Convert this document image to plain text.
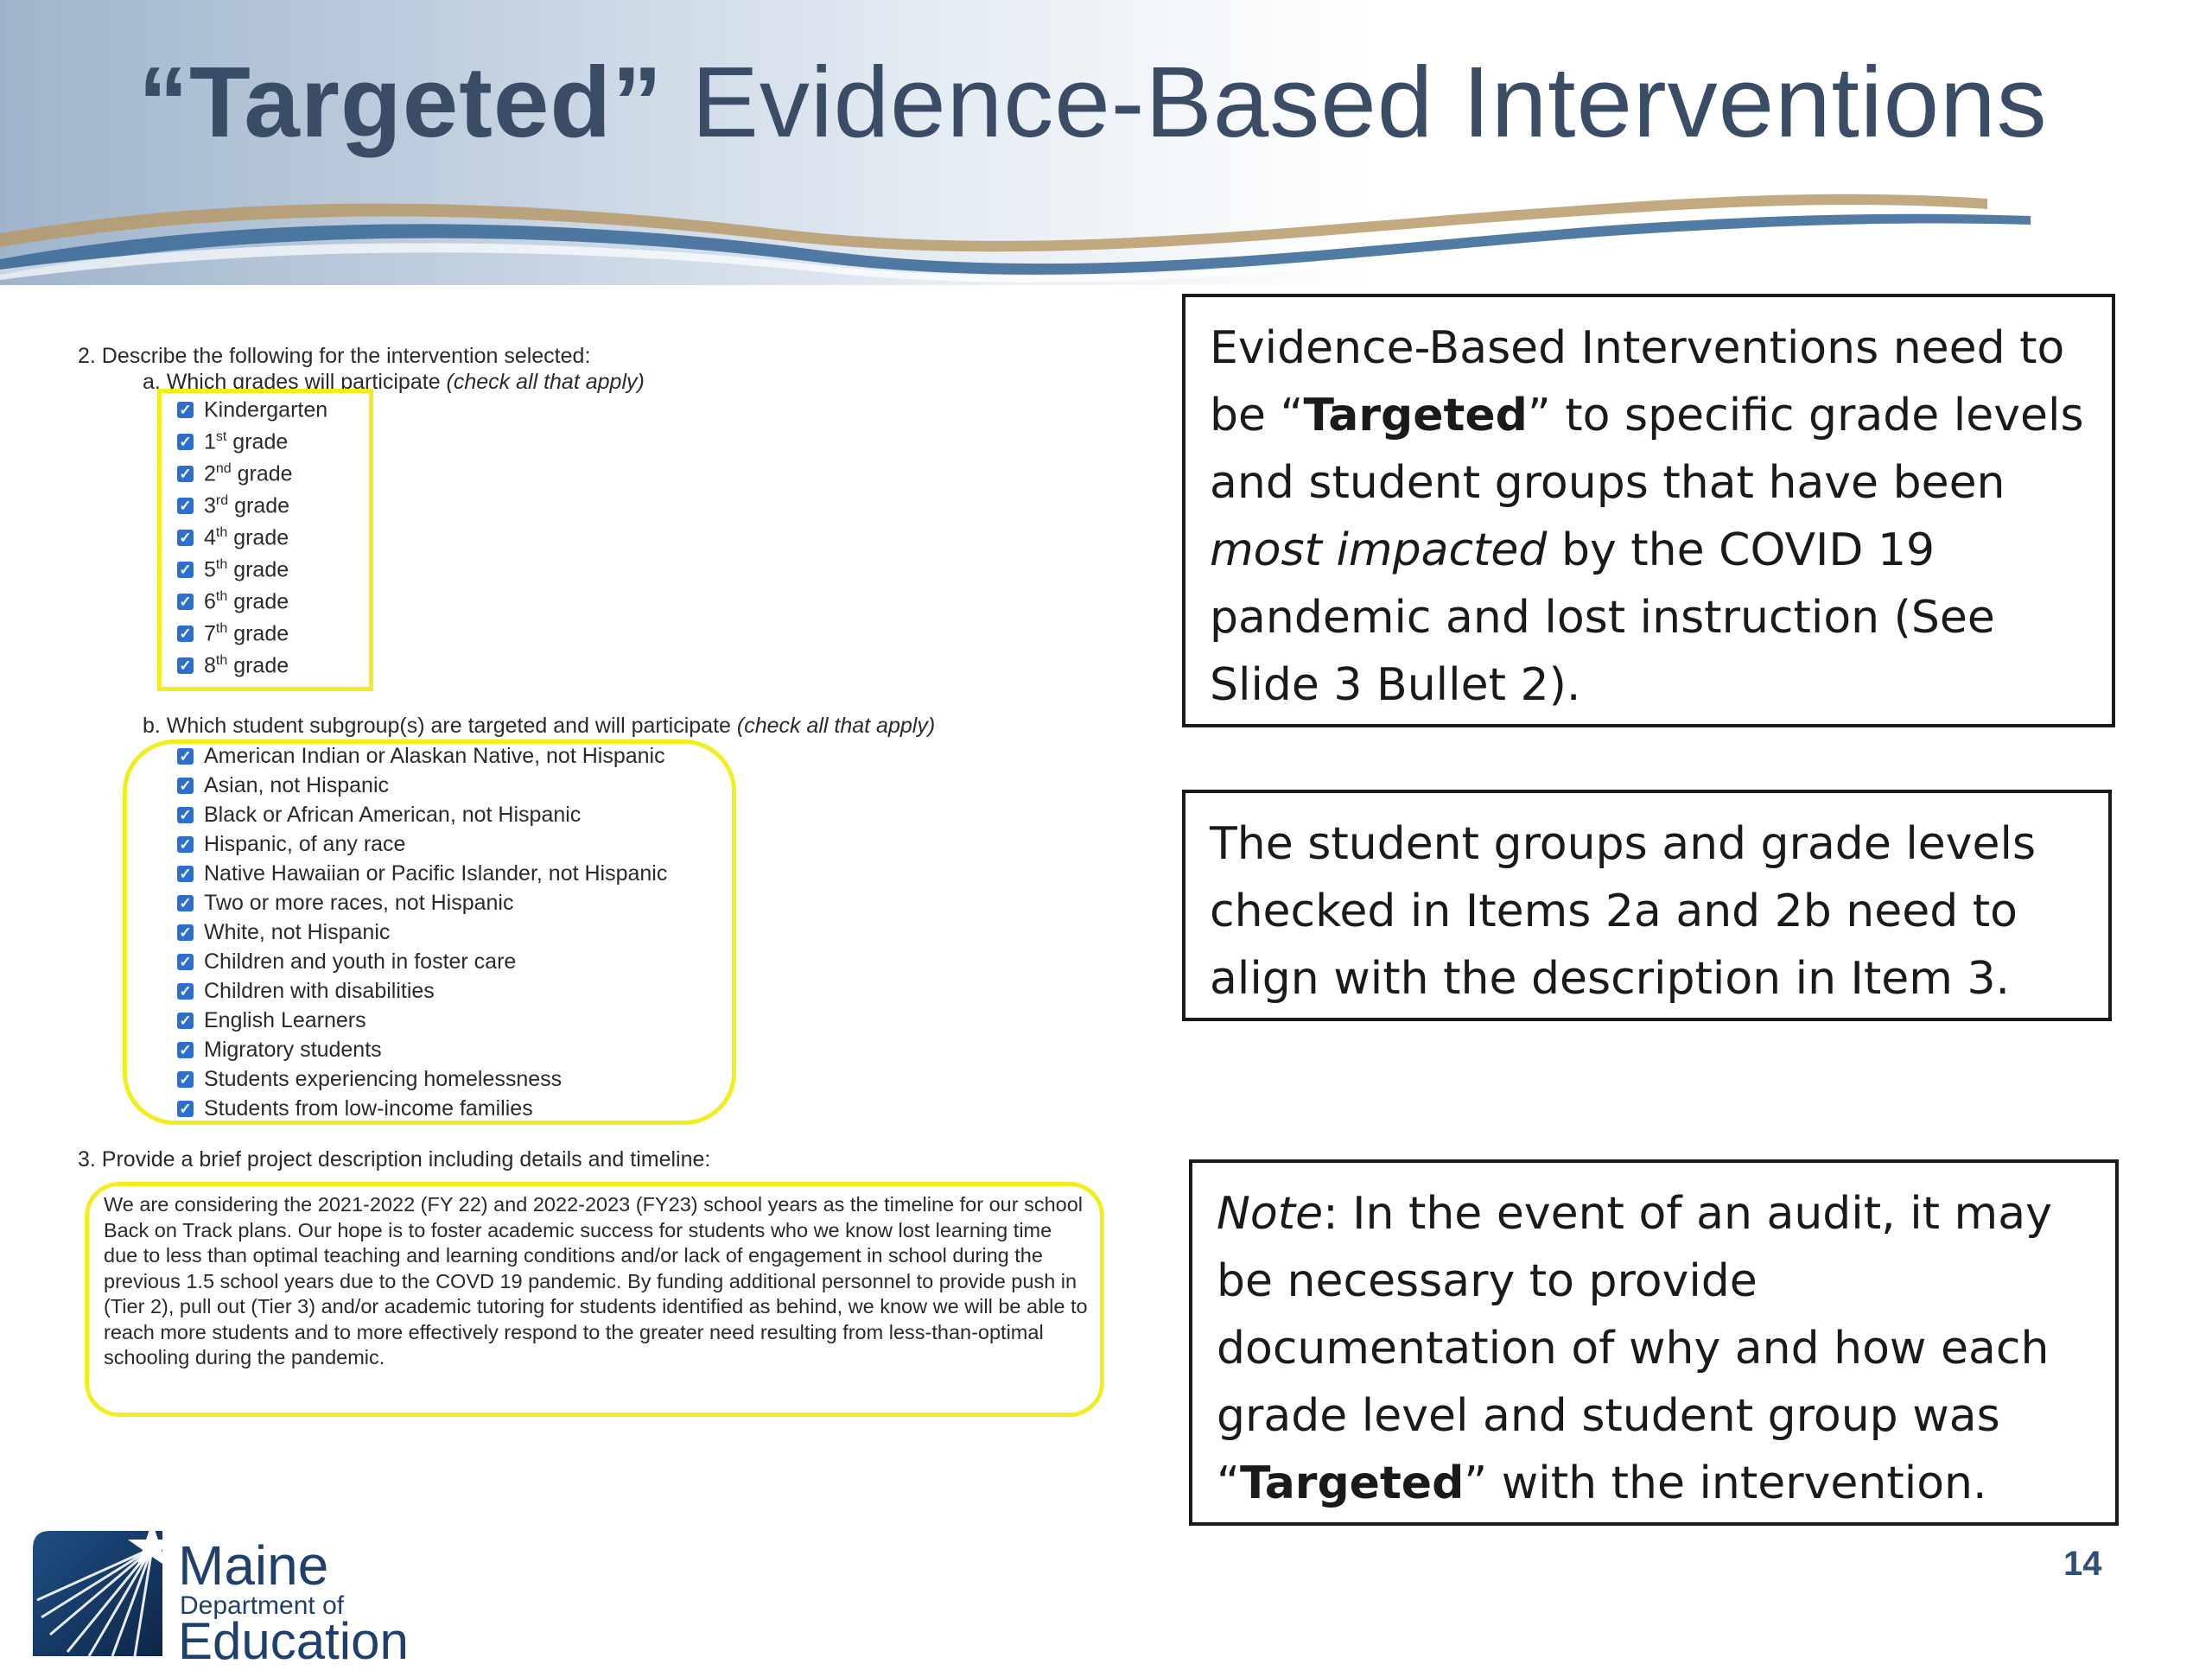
“Targeted” Evidence-Based Interventions
2. Describe the following for the intervention selected:
a. Which grades will participate (check all that apply)
✓ Kindergarten
✓ 1st grade
✓ 2nd grade
✓ 3rd grade
✓ 4th grade
✓ 5th grade
✓ 6th grade
✓ 7th grade
✓ 8th grade
b. Which student subgroup(s) are targeted and will participate (check all that apply)
✓ American Indian or Alaskan Native, not Hispanic
✓ Asian, not Hispanic
✓ Black or African American, not Hispanic
✓ Hispanic, of any race
✓ Native Hawaiian or Pacific Islander, not Hispanic
✓ Two or more races, not Hispanic
✓ White, not Hispanic
✓ Children and youth in foster care
✓ Children with disabilities
✓ English Learners
✓ Migratory students
✓ Students experiencing homelessness
✓ Students from low-income families
3. Provide a brief project description including details and timeline:

We are considering the 2021-2022 (FY 22) and 2022-2023 (FY23) school years as the timeline for our school Back on Track plans. Our hope is to foster academic success for students who we know lost learning time due to less than optimal teaching and learning conditions and/or lack of engagement in school during the previous 1.5 school years due to the COVD 19 pandemic. By funding additional personnel to provide push in (Tier 2), pull out (Tier 3) and/or academic tutoring for students identified as behind, we know we will be able to reach more students and to more effectively respond to the greater need resulting from less-than-optimal schooling during the pandemic.

Evidence-Based Interventions need to be “Targeted” to specific grade levels and student groups that have been most impacted by the COVID 19 pandemic and lost instruction (See Slide 3 Bullet 2).
The student groups and grade levels checked in Items 2a and 2b need to align with the description in Item 3.
Note: In the event of an audit, it may be necessary to provide documentation of why and how each grade level and student group was “Targeted” with the intervention.
14
Maine
Department of
Education
